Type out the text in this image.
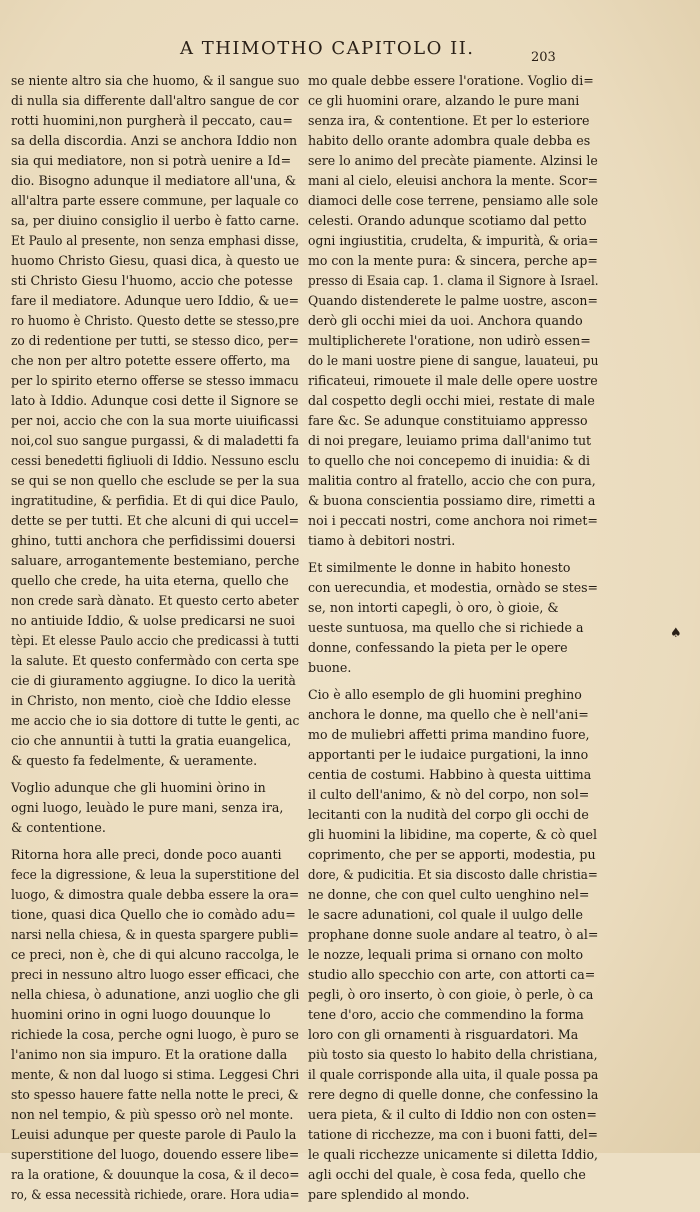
A THIMOTHO CAPITOLO II.	203
se niente altro sia che huomo, & il sangue suo
di nulla sia differente dall'altro sangue de cor
rotti huomini,non purgherà il peccato, cau=
sa della discordia. Anzi se anchora Iddio non
sia qui mediatore, non si potrà uenire a Id=
dio. Bisogno adunque il mediatore all'una, &
all'altra parte essere commune, per laquale co
sa, per diuino consiglio il uerbo è fatto carne.
Et Paulo al presente, non senza emphasi disse,
huomo Christo Giesu, quasi dica, à questo ue
sti Christo Giesu l'huomo, accio che potesse
fare il mediatore. Adunque uero Iddio, & ue=
ro huomo è Christo. Questo dette se stesso,pre
zo di redentione per tutti, se stesso dico, per=
che non per altro potette essere offerto, ma
per lo spirito eterno offerse se stesso immacu
lato à Iddio. Adunque cosi dette il Signore se
per noi, accio che con la sua morte uiuificassi
noi,col suo sangue purgassi, & di maladetti fa
cessi benedetti figliuoli di Iddio. Nessuno esclu
se qui se non quello che esclude se per la sua
ingratitudine, & perfidia. Et di qui dice Paulo,
dette se per tutti. Et che alcuni di qui uccel=
ghino, tutti anchora che perfidissimi douersi
saluare, arrogantemente bestemiano, perche
quello che crede, ha uita eterna, quello che
non crede sarà dànato. Et questo certo abeter
no antiuide Iddio, & uolse predicarsi ne suoi
tèpi. Et elesse Paulo accio che predicassi à tutti
la salute. Et questo confermàdo con certa spe
cie di giuramento aggiugne. Io dico la uerità
in Christo, non mento, cioè che Iddio elesse
me accio che io sia dottore di tutte le genti, ac
cio che annuntii à tutti la gratia euangelica,
& questo fa fedelmente, & ueramente.
Voglio adunque che gli huomini òrino in
ogni luogo, leuàdo le pure mani, senza ira,
& contentione.
Ritorna hora alle preci, donde poco auanti
fece la digressione, & leua la superstitione del
luogo, & dimostra quale debba essere la ora=
tione, quasi dica Quello che io comàdo adu=
narsi nella chiesa, & in questa spargere publi=
ce preci, non è, che di qui alcuno raccolga, le
preci in nessuno altro luogo esser efficaci, che
nella chiesa, ò adunatione, anzi uoglio che gli
huomini orino in ogni luogo douunque lo
richiede la cosa, perche ogni luogo, è puro se
l'animo non sia impuro. Et la oratione dalla
mente, & non dal luogo si stima. Leggesi Chri
sto spesso hauere fatte nella notte le preci, &
non nel tempio, & più spesso orò nel monte.
Leuisi adunque per queste parole di Paulo la
superstitione del luogo, douendo essere libe=
ra la oratione, & douunque la cosa, & il deco=
ro, & essa necessità richiede, orare. Hora udia=
mo quale debbe essere l'oratione. Voglio di=
ce gli huomini orare, alzando le pure mani
senza ira, & contentione. Et per lo esteriore
habito dello orante adombra quale debba es
sere lo animo del precàte piamente. Alzinsi le
mani al cielo, eleuisi anchora la mente. Scor=
diamoci delle cose terrene, pensiamo alle sole
celesti. Orando adunque scotiamo dal petto
ogni ingiustitia, crudelta, & impurità, & oria=
mo con la mente pura: & sincera, perche ap=
presso di Esaia cap. 1. clama il Signore à Israel.
Quando distenderete le palme uostre, ascon=
derò gli occhi miei da uoi. Anchora quando
multiplicherete l'oratione, non udirò essen=
do le mani uostre piene di sangue, lauateui, pu
rificateui, rimouete il male delle opere uostre
dal cospetto degli occhi miei, restate di male
fare &c. Se adunque constituiamo appresso
di noi pregare, leuiamo prima dall'animo tut
to quello che noi concepemo di inuidia: & di
malitia contro al fratello, accio che con pura,
& buona conscientia possiamo dire, rimetti a
noi i peccati nostri, come anchora noi rimet=
tiamo à debitori nostri.
Et similmente le donne in habito honesto
con uerecundia, et modestia, ornàdo se stes=
se, non intorti capegli, ò oro, ò gioie, &
ueste suntuosa, ma quello che si richiede a
donne, confessando la pieta per le opere
buone.
Cio è allo esemplo de gli huomini preghino
anchora le donne, ma quello che è nell'ani=
mo de muliebri affetti prima mandino fuore,
apportanti per le iudaice purgationi, la inno
centia de costumi. Habbino à questa uittima
il culto dell'animo, & nò del corpo, non sol=
lecitanti con la nudità del corpo gli occhi de
gli huomini la libidine, ma coperte, & cò quel
coprimento, che per se apporti, modestia, pu
dore, & pudicitia. Et sia discosto dalle christia=
ne donne, che con quel culto uenghino nel=
le sacre adunationi, col quale il uulgo delle
prophane donne suole andare al teatro, ò al=
le nozze, lequali prima si ornano con molto
studio allo specchio con arte, con attorti ca=
pegli, ò oro inserto, ò con gioie, ò perle, ò ca
tene d'oro, accio che commendino la forma
loro con gli ornamenti à risguardatori. Ma
più tosto sia questo lo habito della christiana,
il quale corrisponde alla uita, il quale possa pa
rere degno di quelle donne, che confessino la
uera pieta, & il culto di Iddio non con osten=
tatione di ricchezze, ma con i buoni fatti, del=
le quali ricchezze unicamente si diletta Iddio,
agli occhi del quale, è cosa feda, quello che
pare splendido al mondo.
♠
